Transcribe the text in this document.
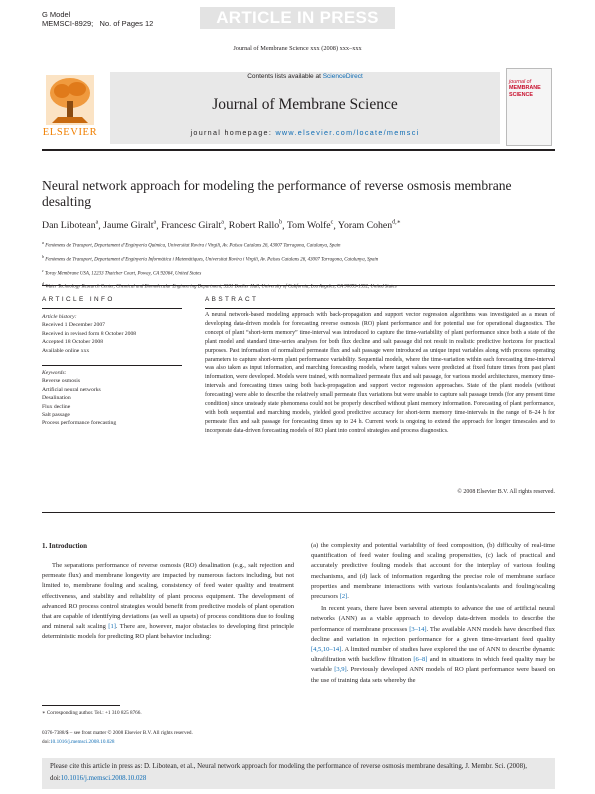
G Model
MEMSCI-8929; No. of Pages 12	ARTICLE IN PRESS
Journal of Membrane Science xxx (2008) xxx–xxx
ELSEVIER
Contents lists available at ScienceDirect
Journal of Membrane Science
journal homepage: www.elsevier.com/locate/memsci
journal of
MEMBRANE
SCIENCE
Neural network approach for modeling the performance of reverse osmosis membrane desalting
Dan Libotean$^a$, Jaume Giralt$^a$, Francesc Giralt$^a$, Robert Rallo$^b$, Tom Wolfe$^c$, Yoram Cohen$^{d,∗}$
$^a$ Fenòmens de Transport, Departament d’Enginyeria Química, Universitat Rovira i Virgili, Av. Països Catalans 26, 43007 Tarragona, Catalunya, Spain
$^b$ Fenòmens de Transport, Departament d’Enginyeria Informàtica i Matemàtiques, Universitat Rovira i Virgili, Av. Països Catalans 26, 43007 Tarragona, Catalunya, Spain
$^c$ Toray Membrane USA, 12233 Thatcher Court, Poway, CA 92064, United States
$^d$ Water Technology Research Center, Chemical and Biomolecular Engineering Department, 5531 Boelter Hall, University of California, Los Angeles, CA 90095-1592, United States
ARTICLE INFO
Article history:
Received 1 December 2007
Received in revised form 8 October 2008
Accepted 18 October 2008
Available online xxx
Keywords:
Reverse osmosis
Artificial neural networks
Desalination
Flux decline
Salt passage
Process performance forecasting
ABSTRACT
A neural network-based modeling approach with back-propagation and support vector regression algorithms was investigated as a mean of developing data-driven models for forecasting reverse osmosis (RO) plant performance and for potential use for operational diagnostics. The concept of plant “short-term memory” time-interval was introduced to capture the time-variability of plant performance since both a state of the plant model and standard time-series analyses for both flux decline and salt passage did not result in realistic predictive horizons for practical purposes. Past information of normalized permeate flux and salt passage were introduced as unique input variables along with process operating parameters to capture short-term plant performance variability. Sequential models, where the time-variation within each forecasting time-interval was also taken as input information, and marching forecasting models, where target values were predicted at fixed future times from past plant information, were developed. Models were trained, with normalized permeate flux and salt passage, for various model architectures, memory time-intervals and forecasting times using both back-propagation and support vector regression approaches. State of the plant models (without forecasting) were able to describe the relatively small permeate flux variations but were unable to capture salt passage trends (for any present time condition) since unsteady state phenomena could not be properly described without plant memory information. Forecasting of plant performance, with both sequential and marching models, yielded good predictive accuracy for short-term memory time-intervals in the range of 8–24 h for permeate flux and salt passage for forecasting times up to 24 h. Current work is ongoing to extend the approach for longer timescales and to incorporate data-driven forecasting models of RO plant into control strategies and process diagnostics.
© 2008 Elsevier B.V. All rights reserved.
1. Introduction
The separations performance of reverse osmosis (RO) desalination (e.g., salt rejection and permeate flux) and membrane longevity are impacted by numerous factors including, but not limited to, membrane fouling and scaling, consistency of feed water quality and treatment effectiveness, and stability and reliability of plant process equipment. The development of advanced RO process control strategies would benefit from predictive models of plant operation that are capable of identifying deviations (as well as upsets) of process conditions due to fouling and mineral salt scaling [1]. There are, however, major obstacles to developing first principle deterministic models for predicting RO plant behavior including:
(a) the complexity and potential variability of feed composition, (b) difficulty of real-time quantification of feed water fouling and scaling propensities, (c) lack of practical and accurately predictive fouling models that account for the interplay of various fouling mechanisms, and (d) lack of information regarding the precise role of membrane surface properties and membrane interactions with various foulants/scalants and fouling/scaling precursors [2].
In recent years, there have been several attempts to advance the use of artificial neural networks (ANN) as a viable approach to develop data-driven models to describe the performance of membrane processes [3–14]. The available ANN models have described flux decline and variation in rejection performance for a given time-invariant feed quality [4,5,10–14]. A limited number of studies have explored the use of ANN to describe dynamic ultrafiltration with backflow filtration [6–8] and in situations in which feed quality may be variable [3,9]. Previously developed ANN models of RO plant performance were based on the use of training data sets whereby the
∗ Corresponding author. Tel.: +1 310 825 8766.
0376-7388/$ – see front matter © 2008 Elsevier B.V. All rights reserved.
doi:10.1016/j.memsci.2008.10.028
Please cite this article in press as: D. Libotean, et al., Neural network approach for modeling the performance of reverse osmosis membrane desalting, J. Membr. Sci. (2008), doi:10.1016/j.memsci.2008.10.028
